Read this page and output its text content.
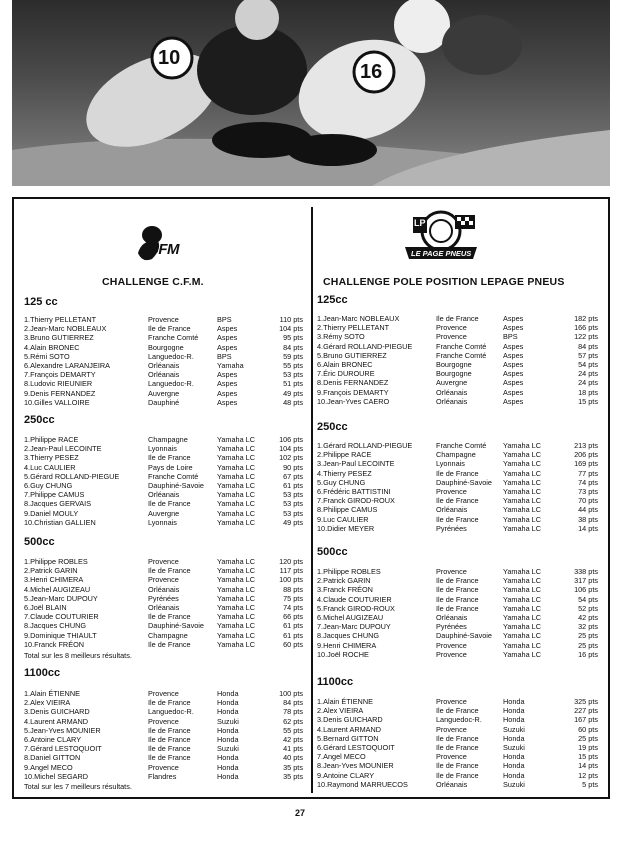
10
16
CFM
CHALLENGE C.F.M.
125 cc
1.Thierry PELLETANT	Provence	BPS	110 pts
2.Jean-Marc NOBLEAUX	Ile de France	Aspes	104 pts
3.Bruno GUTIERREZ	Franche Comté	Aspes	95 pts
4.Alain BRONEC	Bourgogne	Aspes	84 pts
5.Rémi SOTO	Languedoc-R.	BPS	59 pts
6.Alexandre LARANJEIRA	Orléanais	Yamaha	55 pts
7.François DEMARTY	Orléanais	Aspes	53 pts
8.Ludovic RIEUNIER	Languedoc-R.	Aspes	51 pts
9.Denis FERNANDEZ	Auvergne	Aspes	49 pts
10.Gilles VALLOIRE	Dauphiné	Aspes	48 pts
250cc
1.Philippe RACE	Champagne	Yamaha LC	106 pts
2.Jean-Paul LECOINTE	Lyonnais	Yamaha LC	104 pts
3.Thierry PESEZ	Ile de France	Yamaha LC	102 pts
4.Luc CAULIER	Pays de Loire	Yamaha LC	90 pts
5.Gérard ROLLAND-PIEGUE	Franche Comté	Yamaha LC	67 pts
6.Guy CHUNG	Dauphiné-Savoie Yamaha LC	61 pts
7.Philippe CAMUS	Orléanais	Yamaha LC	53 pts
8.Jacques GERVAIS	Ile de France	Yamaha LC	53 pts
9.Daniel MOULY	Auvergne	Yamaha LC	53 pts
10.Christian GALLIEN	Lyonnais	Yamaha LC	49 pts
500cc
1.Philippe ROBLES	Provence	Yamaha LC	120 pts
2.Patrick GARIN	Ile de France	Yamaha LC	117 pts
3.Henri CHIMERA	Provence	Yamaha LC	100 pts
4.Michel AUGIZEAU	Orléanais	Yamaha LC	88 pts
5.Jean-Marc DUPOUY	Pyrénées	Yamaha LC	75 pts
6.Joël BLAIN	Orléanais	Yamaha LC	74 pts
7.Claude COUTURIER	Ile de France	Yamaha LC	66 pts
8.Jacques CHUNG	Dauphiné-Savoie Yamaha LC	61 pts
9.Dominique THIAULT	Champagne	Yamaha LC	61 pts
10.Franck FRÉON	Ile de France	Yamaha LC	60 pts
Total sur les 8 meilleurs résultats.
1100cc
1.Alain ÉTIENNE	Provence	Honda	100 pts
2.Alex VIEIRA	Ile de France	Honda	84 pts
3.Denis GUICHARD	Languedoc-R.	Honda	78 pts
4.Laurent ARMAND	Provence	Suzuki	62 pts
5.Jean-Yves MOUNIER	Ile de France	Honda	55 pts
6.Antoine CLARY	Ile de France	Honda	42 pts
7.Gérard LESTOQUOIT	Ile de France	Suzuki	41 pts
8.Daniel GITTON	Ile de France	Honda	40 pts
9.Angel MECO	Provence	Honda	35 pts
10.Michel SEGARD	Flandres	Honda	35 pts
Total sur les 7 meilleurs résultats.
LP
LE PAGE PNEUS
CHALLENGE POLE POSITION LEPAGE PNEUS
125cc
1.Jean-Marc NOBLEAUX	Ile de France	Aspes	182 pts
2.Thierry PELLETANT	Provence	Aspes	166 pts
3.Rémy SOTO	Provence	BPS	122 pts
4.Gérard ROLLAND-PIEGUE	Franche Comté Aspes	84 pts
5.Bruno GUTIERREZ	Franche Comté Aspes	57 pts
6.Alain BRONEC	Bourgogne	Aspes	54 pts
7.Éric DUROURE	Bourgogne	Aspes	24 pts
8.Denis FERNANDEZ	Auvergne	Aspes	24 pts
9.François DEMARTY	Orléanais	Aspes	18 pts
10.Jean-Yves CAERO	Orléanais	Aspes	15 pts
250cc
1.Gérard ROLLAND-PIEGUE	Franche Comté Yamaha LC	213 pts
2.Philippe RACE	Champagne	Yamaha LC	206 pts
3.Jean-Paul LECOINTE	Lyonnais	Yamaha LC	169 pts
4.Thierry PESEZ	Ile de France	Yamaha LC	77 pts
5.Guy CHUNG	Dauphiné-Savoie Yamaha LC	74 pts
6.Frédéric BATTISTINI	Provence	Yamaha LC	73 pts
7.Franck GIROD-ROUX	Ile de France	Yamaha LC	70 pts
8.Philippe CAMUS	Orléanais	Yamaha LC	44 pts
9.Luc CAULIER	Ile de France	Yamaha LC	38 pts
10.Didier MEYER	Pyrénées	Yamaha LC	14 pts
500cc
1.Philippe ROBLES	Provence	Yamaha LC	338 pts
2.Patrick GARIN	Ile de France	Yamaha LC	317 pts
3.Franck FRÉON	Ile de France	Yamaha LC	106 pts
4.Claude COUTURIER	Ile de France	Yamaha LC	54 pts
5.Franck GIROD-ROUX	Ile de France	Yamaha LC	52 pts
6.Michel AUGIZEAU	Orléanais	Yamaha LC	42 pts
7.Jean-Marc DUPOUY	Pyrénées	Yamaha LC	32 pts
8.Jacques CHUNG	Dauphiné-Savoie Yamaha LC	25 pts
9.Henri CHIMERA	Provence	Yamaha LC	25 pts
10.Joël ROCHE	Provence	Yamaha LC	16 pts
1100cc
1.Alain ÉTIENNE	Provence	Honda	325 pts
2.Alex VIEIRA	Ile de France	Honda	227 pts
3.Denis GUICHARD	Languedoc-R.	Honda	167 pts
4.Laurent ARMAND	Provence	Suzuki	60 pts
5.Bernard GITTON	Ile de France	Honda	25 pts
6.Gérard LESTOQUOIT	Ile de France	Suzuki	19 pts
7.Angel MECO	Provence	Honda	15 pts
8.Jean-Yves MOUNIER	Ile de France	Honda	14 pts
9.Antoine CLARY	Ile de France	Honda	12 pts
10.Raymond MARRUECOS	Orléanais	Suzuki	5 pts
27
